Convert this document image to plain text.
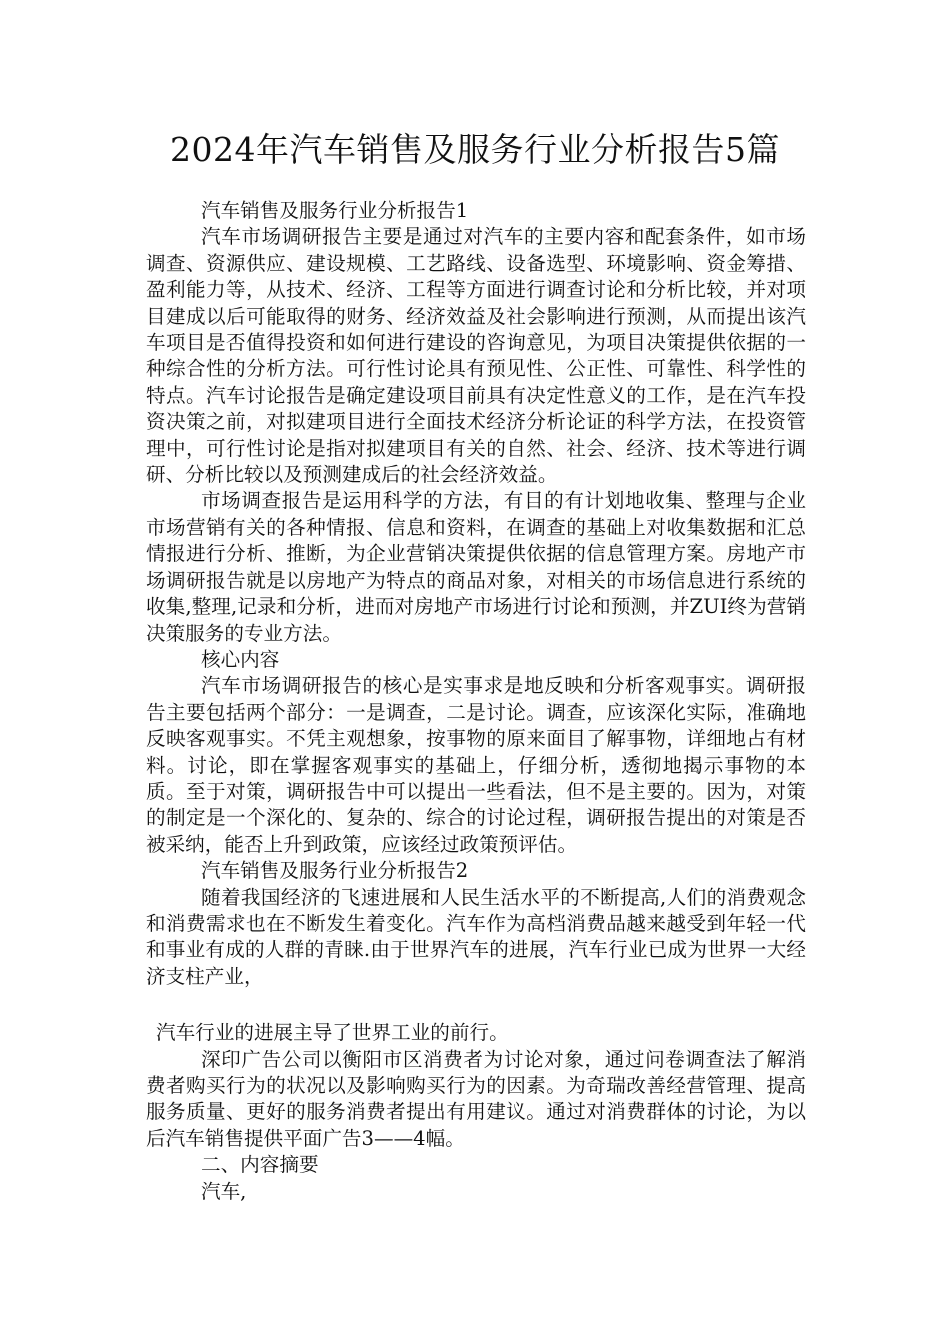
2024年汽车销售及服务行业分析报告5篇

汽车销售及服务行业分析报告1

汽车市场调研报告主要是通过对汽车的主要内容和配套条件，如市场调查、资源供应、建设规模、工艺路线、设备选型、环境影响、资金筹措、盈利能力等，从技术、经济、工程等方面进行调查讨论和分析比较，并对项目建成以后可能取得的财务、经济效益及社会影响进行预测，从而提出该汽车项目是否值得投资和如何进行建设的咨询意见，为项目决策提供依据的一种综合性的分析方法。可行性讨论具有预见性、公正性、可靠性、科学性的特点。汽车讨论报告是确定建设项目前具有决定性意义的工作，是在汽车投资决策之前，对拟建项目进行全面技术经济分析论证的科学方法，在投资管理中，可行性讨论是指对拟建项目有关的自然、社会、经济、技术等进行调研、分析比较以及预测建成后的社会经济效益。

市场调查报告是运用科学的方法，有目的有计划地收集、整理与企业市场营销有关的各种情报、信息和资料，在调查的基础上对收集数据和汇总情报进行分析、推断，为企业营销决策提供依据的信息管理方案。房地产市场调研报告就是以房地产为特点的商品对象，对相关的市场信息进行系统的收集,整理,记录和分析，进而对房地产市场进行讨论和预测，并ZUI终为营销决策服务的专业方法。

核心内容

汽车市场调研报告的核心是实事求是地反映和分析客观事实。调研报告主要包括两个部分：一是调查，二是讨论。调查，应该深化实际，准确地反映客观事实。不凭主观想象，按事物的原来面目了解事物，详细地占有材料。讨论，即在掌握客观事实的基础上，仔细分析，透彻地揭示事物的本质。至于对策，调研报告中可以提出一些看法，但不是主要的。因为，对策的制定是一个深化的、复杂的、综合的讨论过程，调研报告提出的对策是否被采纳，能否上升到政策，应该经过政策预评估。

汽车销售及服务行业分析报告2

随着我国经济的飞速进展和人民生活水平的不断提高,人们的消费观念和消费需求也在不断发生着变化。汽车作为高档消费品越来越受到年轻一代和事业有成的人群的青睐.由于世界汽车的进展，汽车行业已成为世界一大经济支柱产业，

汽车行业的进展主导了世界工业的前行。

深印广告公司以衡阳市区消费者为讨论对象，通过问卷调查法了解消费者购买行为的状况以及影响购买行为的因素。为奇瑞改善经营管理、提高服务质量、更好的服务消费者提出有用建议。通过对消费群体的讨论，为以后汽车销售提供平面广告3——4幅。

二、内容摘要

汽车,
